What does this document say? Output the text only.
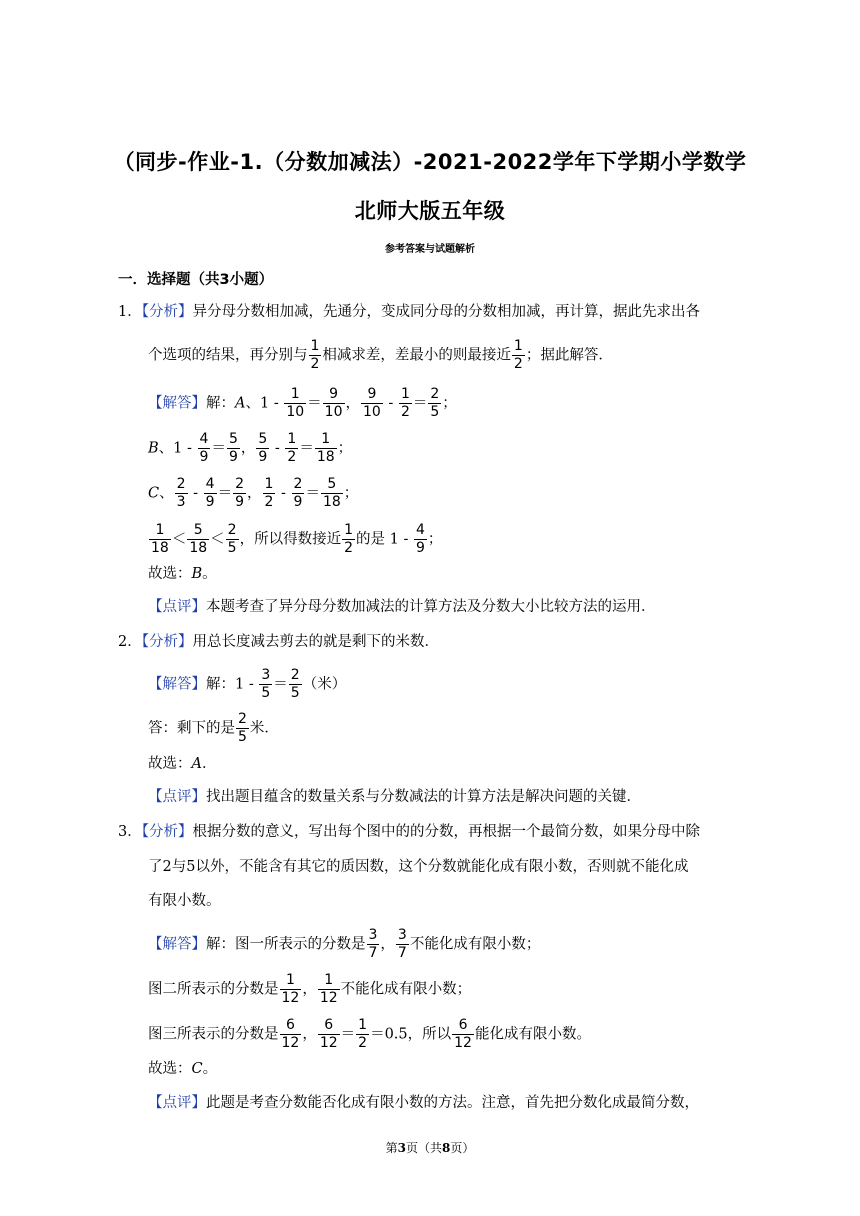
（同步-作业-1.（分数加减法）-2021-2022学年下学期小学数学
北师大版五年级
参考答案与试题解析
一．选择题（共3小题）
1．【分析】异分母分数相加减，先通分，变成同分母的分数相加减，再计算，据此先求出各
个选项的结果，再分别与 $\frac{1}{2}$ 相减求差，差最小的则最接近 $\frac{1}{2}$ ；据此解答．
【解答】解：A、$1 - \frac{1}{10} = \frac{9}{10}$ ， $\frac{9}{10} - \frac{1}{2} = \frac{2}{5}$ ；
B、$1 - \frac{4}{9} = \frac{5}{9}$ ， $\frac{5}{9} - \frac{1}{2} = \frac{1}{18}$ ；
C、 $\frac{2}{3} - \frac{4}{9} = \frac{2}{9}$ ， $\frac{1}{2} - \frac{2}{9} = \frac{5}{18}$ ；
$\frac{1}{18} < \frac{5}{18} < \frac{2}{5}$ ，所以得数接近 $\frac{1}{2}$ 的是 $1 - \frac{4}{9}$ ；
故选：B。
【点评】本题考查了异分母分数加减法的计算方法及分数大小比较方法的运用．
2．【分析】用总长度减去剪去的就是剩下的米数．
【解答】解：$1 - \frac{3}{5} = \frac{2}{5}$ （米）
答：剩下的是 $\frac{2}{5}$ 米．
故选：A．
【点评】找出题目蕴含的数量关系与分数减法的计算方法是解决问题的关键．
3．【分析】根据分数的意义，写出每个图中的的分数，再根据一个最简分数，如果分母中除
了2与5以外，不能含有其它的质因数，这个分数就能化成有限小数，否则就不能化成
有限小数。
【解答】解：图一所表示的分数是 $\frac{3}{7}$ ， $\frac{3}{7}$ 不能化成有限小数；
图二所表示的分数是 $\frac{1}{12}$ ， $\frac{1}{12}$ 不能化成有限小数；
图三所表示的分数是 $\frac{6}{12}$ ， $\frac{6}{12} = \frac{1}{2} =0.5$，所以 $\frac{6}{12}$ 能化成有限小数。
故选：C。
【点评】此题是考查分数能否化成有限小数的方法。注意，首先把分数化成最简分数，
第3页（共8页）
